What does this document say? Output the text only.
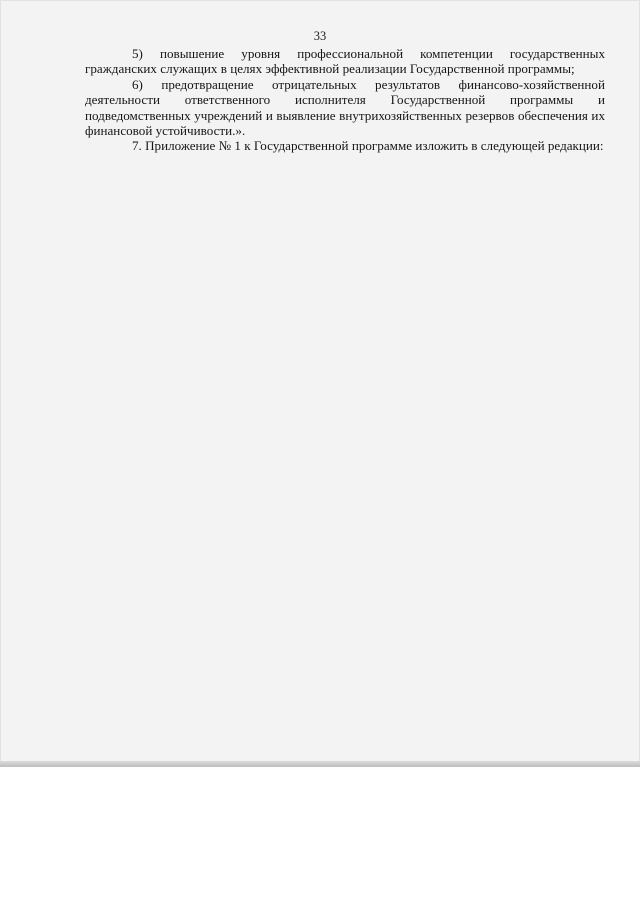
33

5) повышение уровня профессиональной компетенции государственных гражданских служащих в целях эффективной реализации Государственной программы;

6) предотвращение отрицательных результатов финансово-хозяйственной деятельности ответственного исполнителя Государственной программы и подведомственных учреждений и выявление внутрихозяйственных резервов обеспечения их финансовой устойчивости.».

7. Приложение № 1 к Государственной программе изложить в следующей редакции:
